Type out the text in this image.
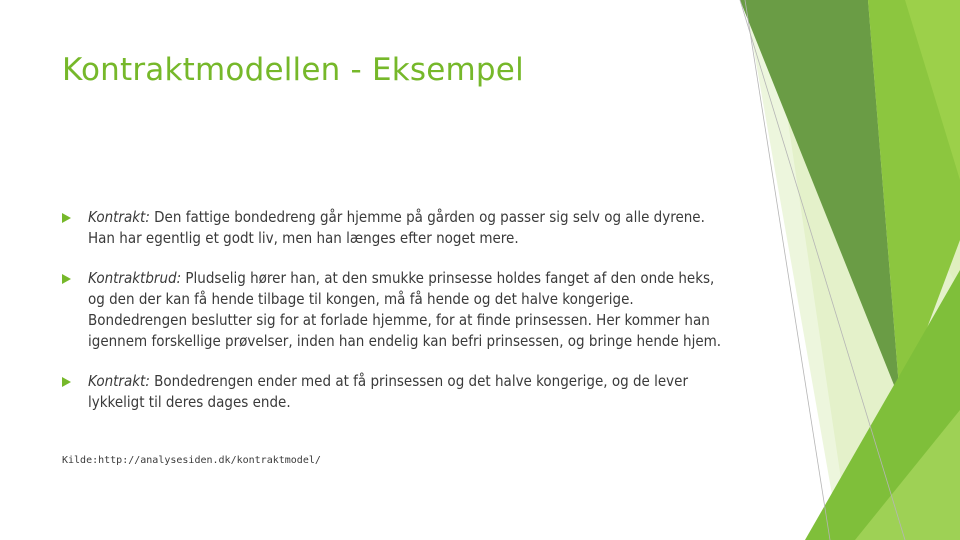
Kontraktmodellen - Eksempel
Kontrakt: Den fattige bondedreng går hjemme på gården og passer sig selv og alle dyrene. Han har egentlig et godt liv, men han længes efter noget mere.
Kontraktbrud: Pludselig hører han, at den smukke prinsesse holdes fanget af den onde heks, og den der kan få hende tilbage til kongen, må få hende og det halve kongerige. Bondedrengen beslutter sig for at forlade hjemme, for at finde prinsessen. Her kommer han igennem forskellige prøvelser, inden han endelig kan befri prinsessen, og bringe hende hjem.
Kontrakt: Bondedrengen ender med at få prinsessen og det halve kongerige, og de lever lykkeligt til deres dages ende.
Kilde:http://analysesiden.dk/kontraktmodel/
